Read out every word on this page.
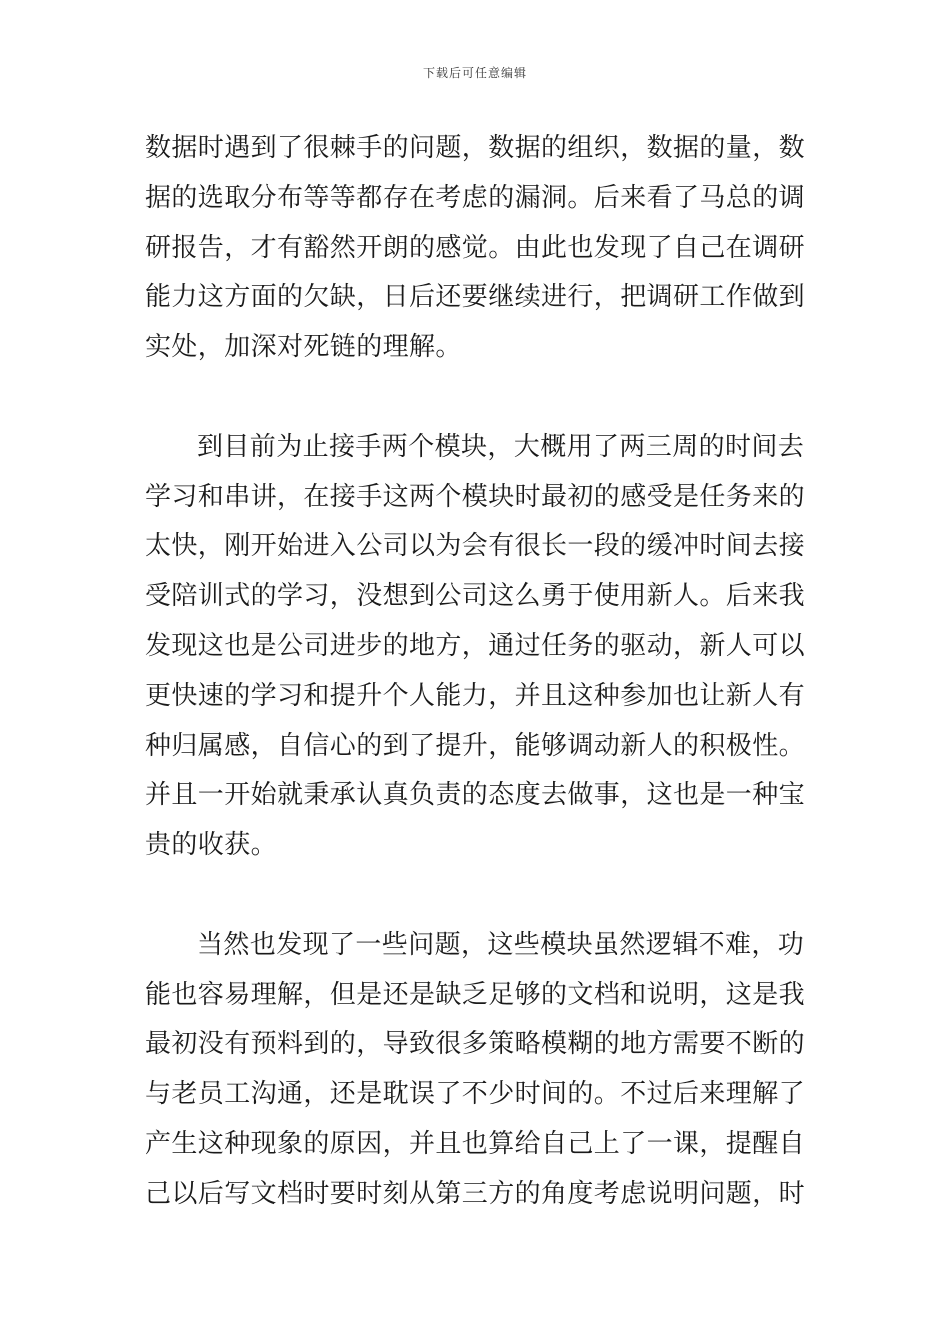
下载后可任意编辑

数据时遇到了很棘手的问题，数据的组织，数据的量，数
据的选取分布等等都存在考虑的漏洞。后来看了马总的调
研报告，才有豁然开朗的感觉。由此也发现了自己在调研
能力这方面的欠缺，日后还要继续进行，把调研工作做到
实处，加深对死链的理解。

到目前为止接手两个模块，大概用了两三周的时间去
学习和串讲，在接手这两个模块时最初的感受是任务来的
太快，刚开始进入公司以为会有很长一段的缓冲时间去接
受陪训式的学习，没想到公司这么勇于使用新人。后来我
发现这也是公司进步的地方，通过任务的驱动，新人可以
更快速的学习和提升个人能力，并且这种参加也让新人有
种归属感，自信心的到了提升，能够调动新人的积极性。
并且一开始就秉承认真负责的态度去做事，这也是一种宝
贵的收获。

当然也发现了一些问题，这些模块虽然逻辑不难，功
能也容易理解，但是还是缺乏足够的文档和说明，这是我
最初没有预料到的，导致很多策略模糊的地方需要不断的
与老员工沟通，还是耽误了不少时间的。不过后来理解了
产生这种现象的原因，并且也算给自己上了一课，提醒自
己以后写文档时要时刻从第三方的角度考虑说明问题，时
